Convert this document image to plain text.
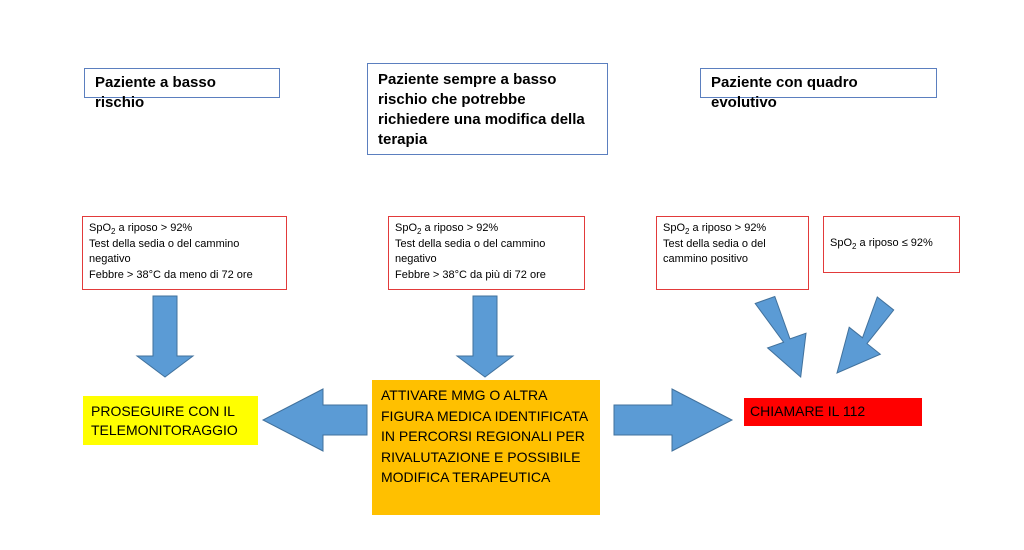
Paziente a basso rischio
Paziente sempre a basso rischio che potrebbe richiedere una modifica della terapia
Paziente con quadro evolutivo
SpO$_2$ a riposo > 92%
Test della sedia o del cammino negativo
Febbre > 38°C da meno di 72 ore
SpO$_2$ a riposo > 92%
Test della sedia o del cammino negativo
Febbre > 38°C da più di 72 ore
SpO$_2$ a riposo > 92%
Test della sedia o del cammino positivo
SpO$_2$ a riposo ≤ 92%
PROSEGUIRE CON IL TELEMONITORAGGIO
ATTIVARE MMG O ALTRA FIGURA MEDICA IDENTIFICATA IN PERCORSI REGIONALI PER RIVALUTAZIONE E POSSIBILE MODIFICA TERAPEUTICA
CHIAMARE IL 112
